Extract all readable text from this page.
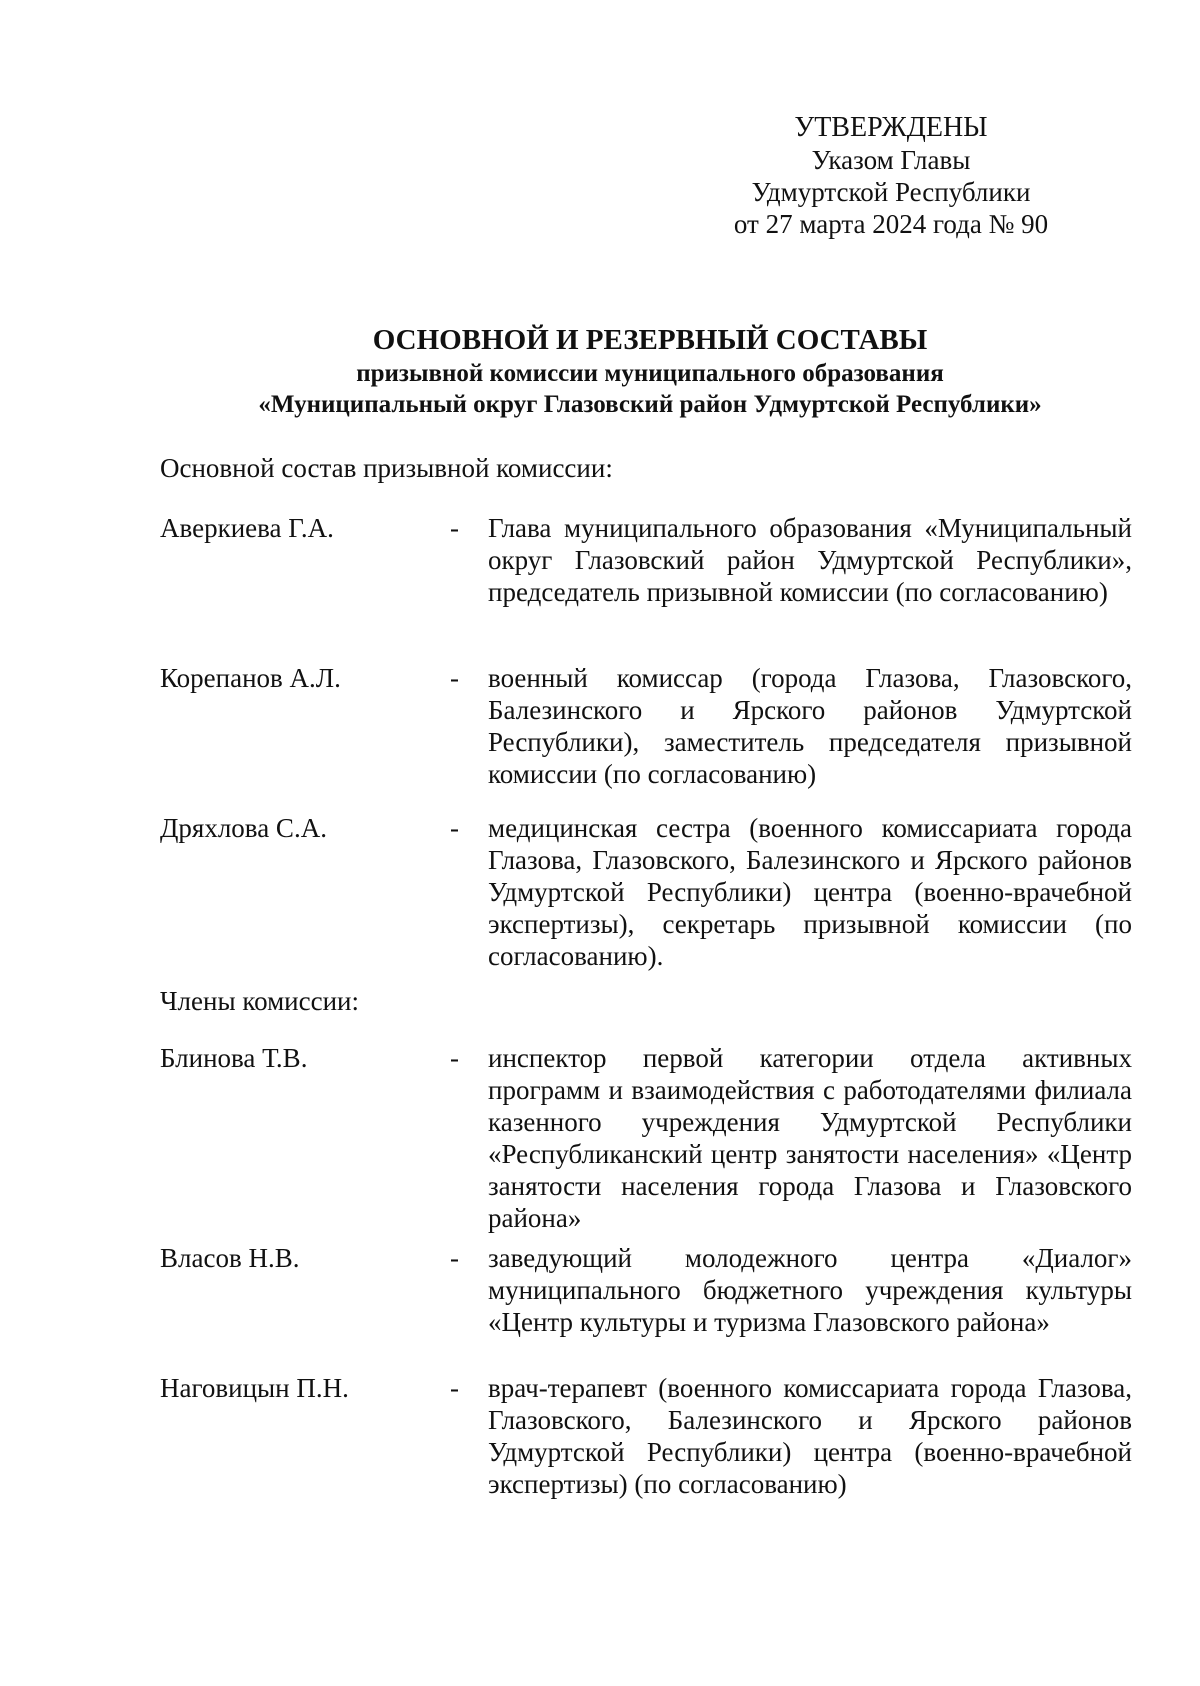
УТВЕРЖДЕНЫ
Указом Главы
Удмуртской Республики
от 27 марта 2024 года № 90
ОСНОВНОЙ И РЕЗЕРВНЫЙ СОСТАВЫ
призывной комиссии муниципального образования
«Муниципальный округ Глазовский район Удмуртской Республики»
Основной состав призывной комиссии:
Аверкиева Г.А.	- Глава муниципального образования «Муниципальный округ Глазовский район Удмуртской Республики», председатель призывной комиссии (по согласованию)
Корепанов А.Л.	- военный комиссар (города Глазова, Глазовского, Балезинского и Ярского районов Удмуртской Республики), заместитель председателя призывной комиссии (по согласованию)
Дряхлова С.А.	- медицинская сестра (военного комиссариата города Глазова, Глазовского, Балезинского и Ярского районов Удмуртской Республики) центра (военно-врачебной экспертизы), секретарь призывной комиссии (по согласованию).
Члены комиссии:
Блинова Т.В.	- инспектор первой категории отдела активных программ и взаимодействия с работодателями филиала казенного учреждения Удмуртской Республики «Республиканский центр занятости населения» «Центр занятости населения города Глазова и Глазовского района»
Власов Н.В.	- заведующий молодежного центра «Диалог» муниципального бюджетного учреждения культуры «Центр культуры и туризма Глазовского района»
Наговицын П.Н.	- врач-терапевт (военного комиссариата города Глазова, Глазовского, Балезинского и Ярского районов Удмуртской Республики) центра (военно-врачебной экспертизы) (по согласованию)
